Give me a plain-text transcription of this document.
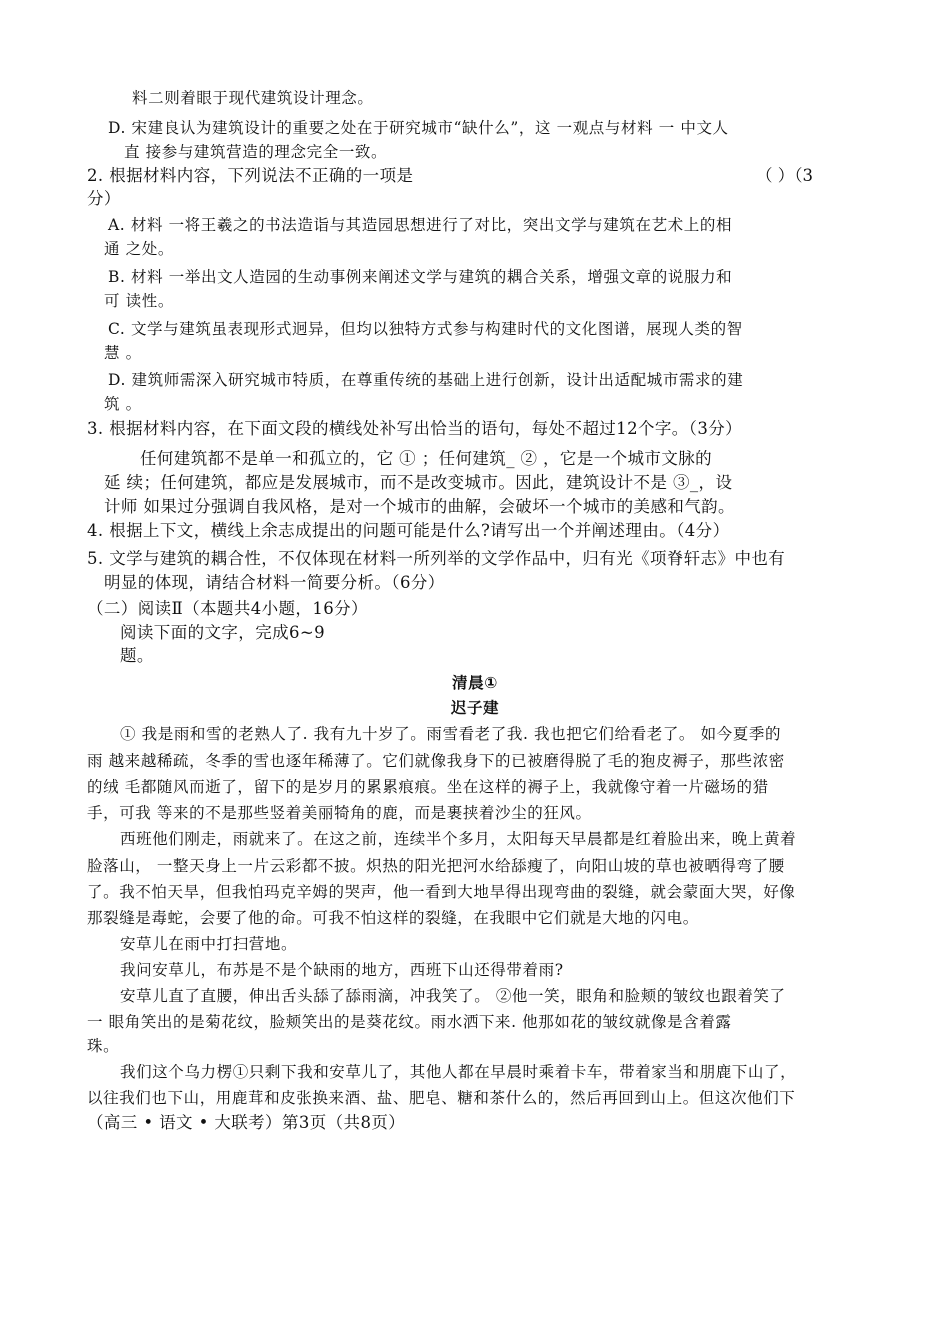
料二则着眼于现代建筑设计理念。
D. 宋建良认为建筑设计的重要之处在于研究城市“缺什么”，这 一观点与材料 一 中文人
直 接参与建筑营造的理念完全一致。
2. 根据材料内容，下列说法不正确的一项是	（ ）（3
分）
A. 材料 一将王羲之的书法造诣与其造园思想进行了对比，突出文学与建筑在艺术上的相
通 之处。
B. 材料 一举出文人造园的生动事例来阐述文学与建筑的耦合关系，增强文章的说服力和
可 读性。
C. 文学与建筑虽表现形式迥异，但均以独特方式参与构建时代的文化图谱，展现人类的智
慧 。
D. 建筑师需深入研究城市特质，在尊重传统的基础上进行创新，设计出适配城市需求的建
筑 。
3. 根据材料内容，在下面文段的横线处补写出恰当的语句，每处不超过12个字。（3分）
任何建筑都不是单一和孤立的，它 ① ；任何建筑_ ② ，它是一个城市文脉的
延 续；任何建筑，都应是发展城市，而不是改变城市。因此，建筑设计不是 ③_，设
计师 如果过分强调自我风格，是对一个城市的曲解，会破坏一个城市的美感和气韵。
4. 根据上下文，横线上余志成提出的问题可能是什么?请写出一个并阐述理由。（4分）
5. 文学与建筑的耦合性，不仅体现在材料一所列举的文学作品中，归有光《项脊轩志》中也有
明显的体现，请结合材料一简要分析。（6分）
（二）阅读Ⅱ（本题共4小题，16分）
阅读下面的文字，完成6~9
题。
清晨①
迟子建
① 我是雨和雪的老熟人了. 我有九十岁了。雨雪看老了我. 我也把它们给看老了。 如今夏季的
雨 越来越稀疏，冬季的雪也逐年稀薄了。它们就像我身下的已被磨得脱了毛的狍皮褥子，那些浓密
的绒 毛都随风而逝了，留下的是岁月的累累痕痕。坐在这样的褥子上，我就像守着一片磁场的猎
手，可我 等来的不是那些竖着美丽犄角的鹿，而是裹挟着沙尘的狂风。
西班他们刚走，雨就来了。在这之前，连续半个多月，太阳每天早晨都是红着脸出来，晚上黄着
脸落山， 一整天身上一片云彩都不披。炽热的阳光把河水给舔瘦了，向阳山坡的草也被晒得弯了腰
了。我不怕天旱，但我怕玛克辛姆的哭声，他一看到大地旱得出现弯曲的裂缝，就会蒙面大哭，好像
那裂缝是毒蛇，会要了他的命。可我不怕这样的裂缝，在我眼中它们就是大地的闪电。
安草儿在雨中打扫营地。
我问安草儿，布苏是不是个缺雨的地方，西班下山还得带着雨?
安草儿直了直腰，伸出舌头舔了舔雨滴，冲我笑了。 ②他一笑，眼角和脸颊的皱纹也跟着笑了
一 眼角笑出的是菊花纹，脸颊笑出的是葵花纹。雨水洒下来. 他那如花的皱纹就像是含着露
珠。
我们这个乌力楞①只剩下我和安草儿了，其他人都在早晨时乘着卡车，带着家当和朋鹿下山了，
以往我们也下山，用鹿茸和皮张换来酒、盐、肥皂、糖和茶什么的，然后再回到山上。但这次他们下
（高三 • 语文 • 大联考）第3页（共8页）
